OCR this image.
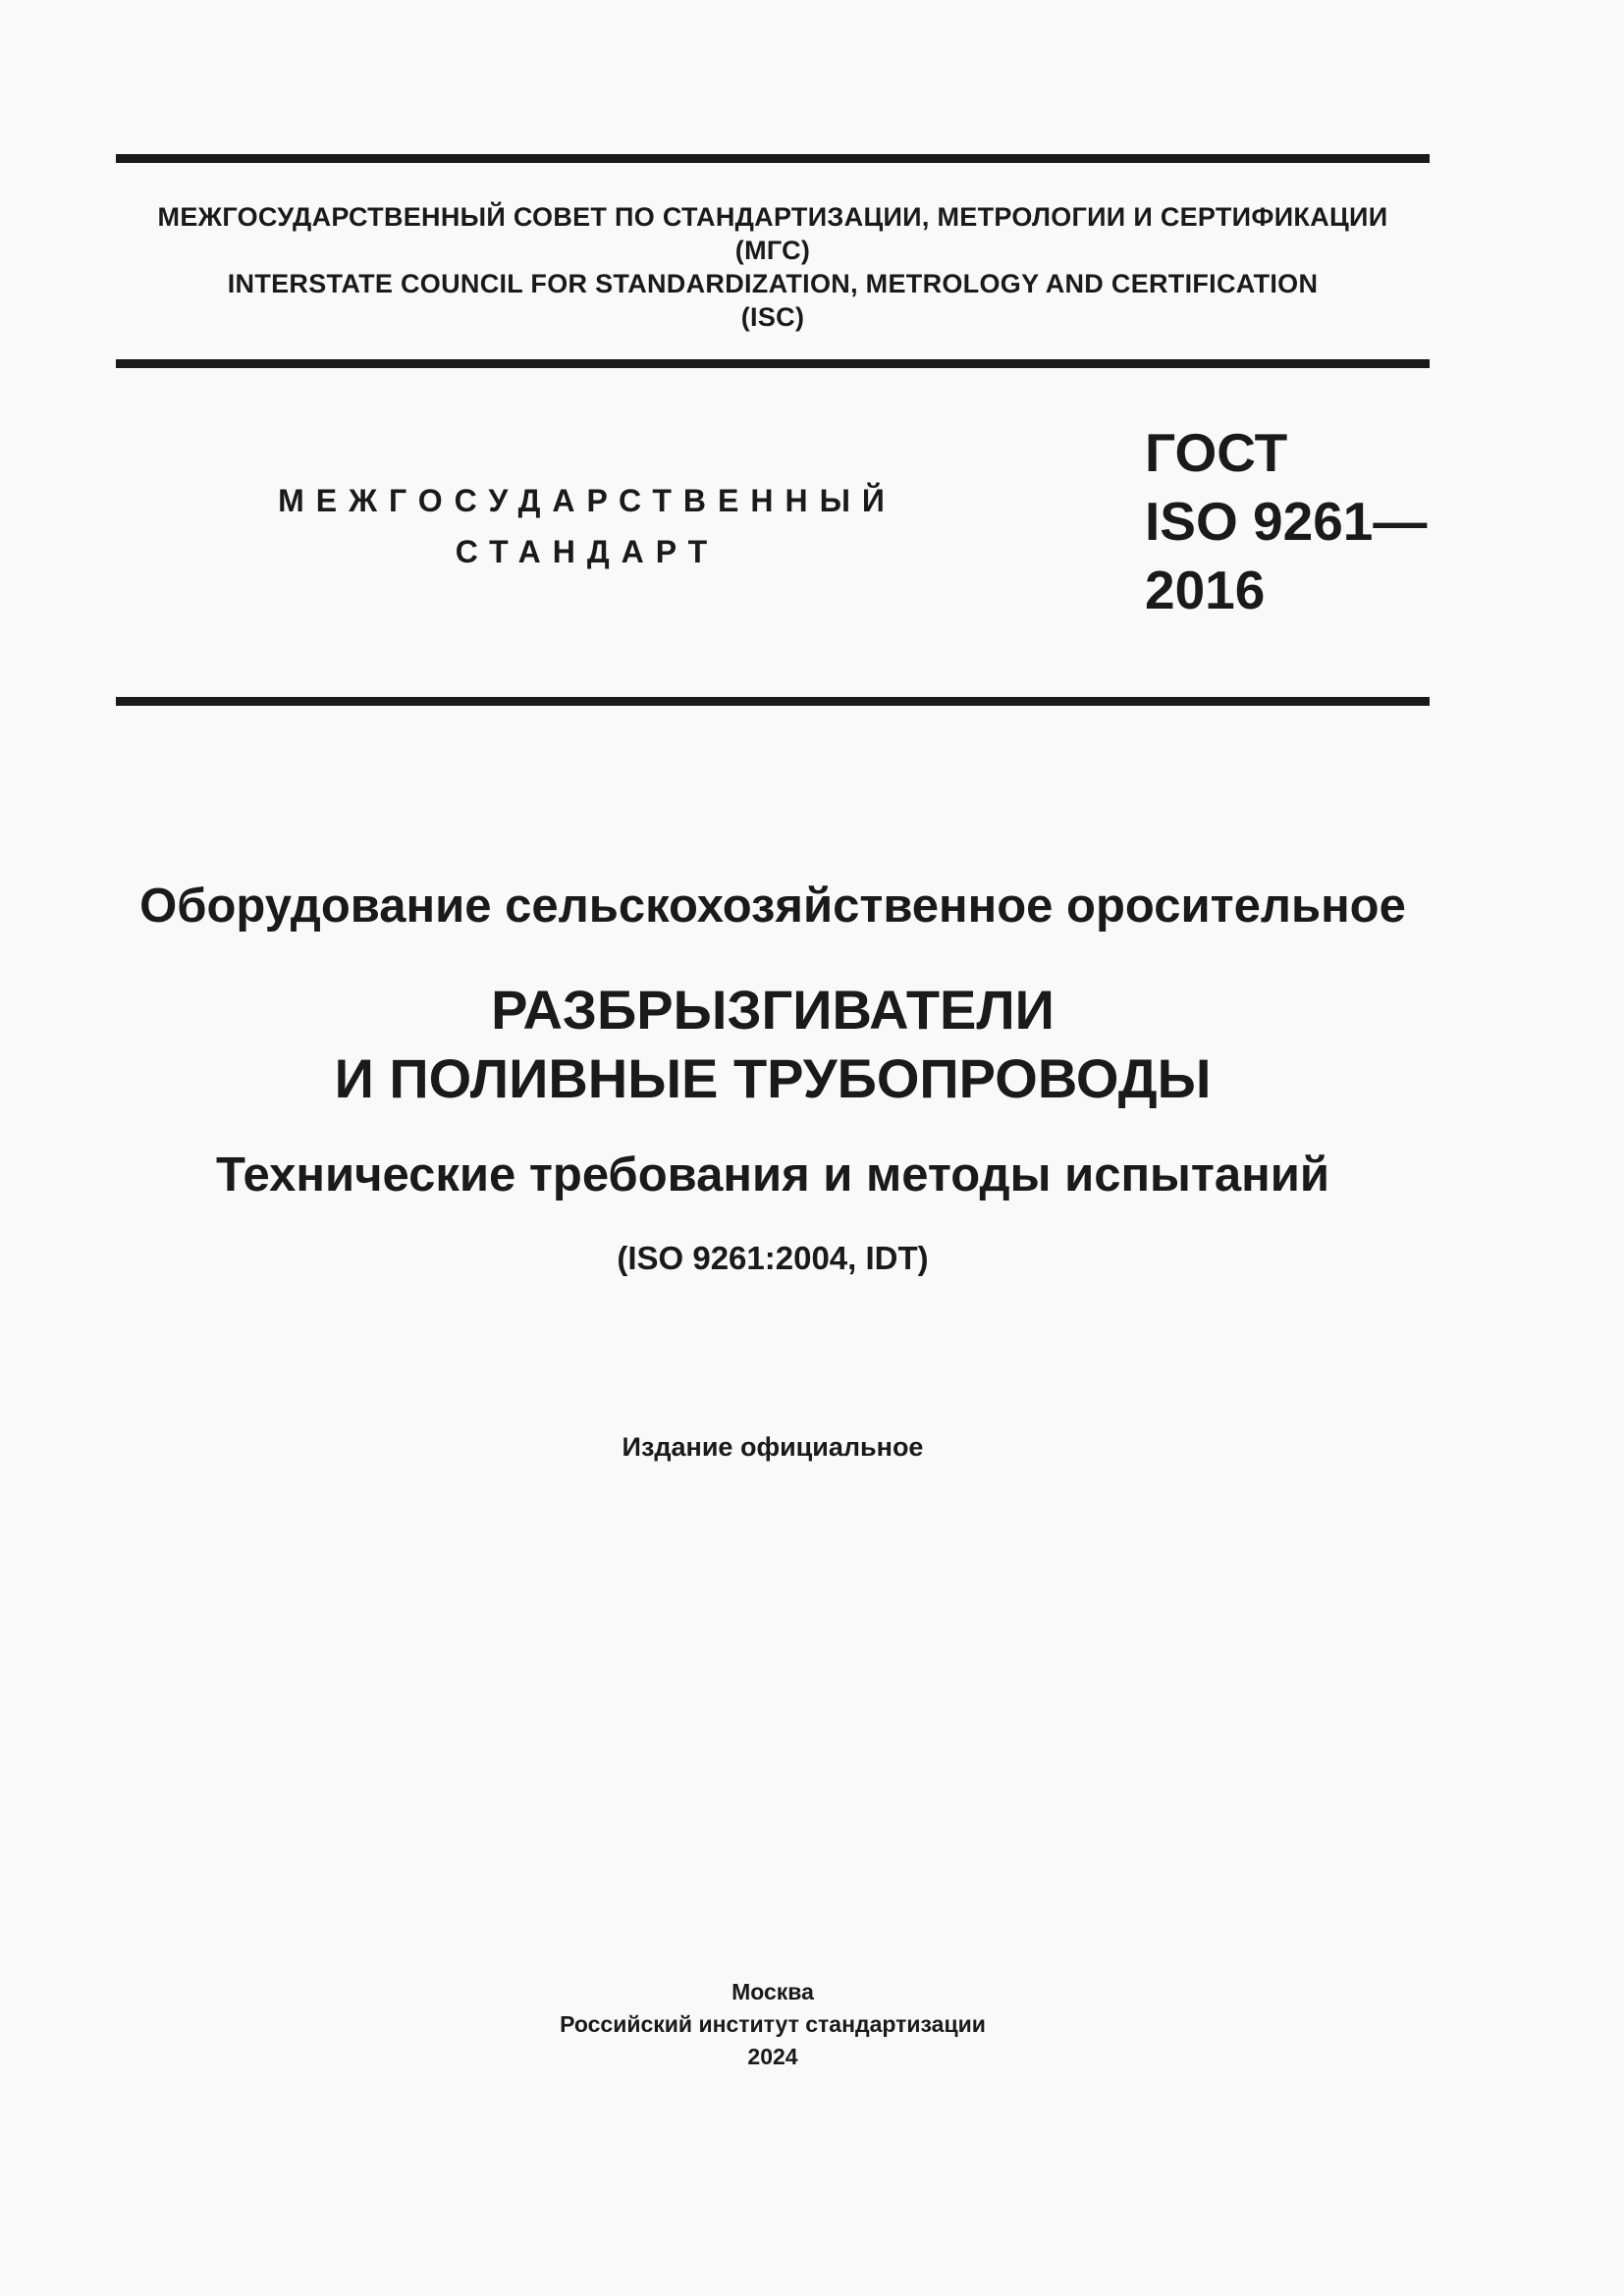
МЕЖГОСУДАРСТВЕННЫЙ СОВЕТ ПО СТАНДАРТИЗАЦИИ, МЕТРОЛОГИИ И СЕРТИФИКАЦИИ
(МГС)
INTERSTATE COUNCIL FOR STANDARDIZATION, METROLOGY AND CERTIFICATION
(ISC)
МЕЖГОСУДАРСТВЕННЫЙ
СТАНДАРТ
ГОСТ
ISO 9261—
2016
Оборудование сельскохозяйственное оросительное
РАЗБРЫЗГИВАТЕЛИ
И ПОЛИВНЫЕ ТРУБОПРОВОДЫ
Технические требования и методы испытаний
(ISO 9261:2004, IDT)
Издание официальное
Москва
Российский институт стандартизации
2024
